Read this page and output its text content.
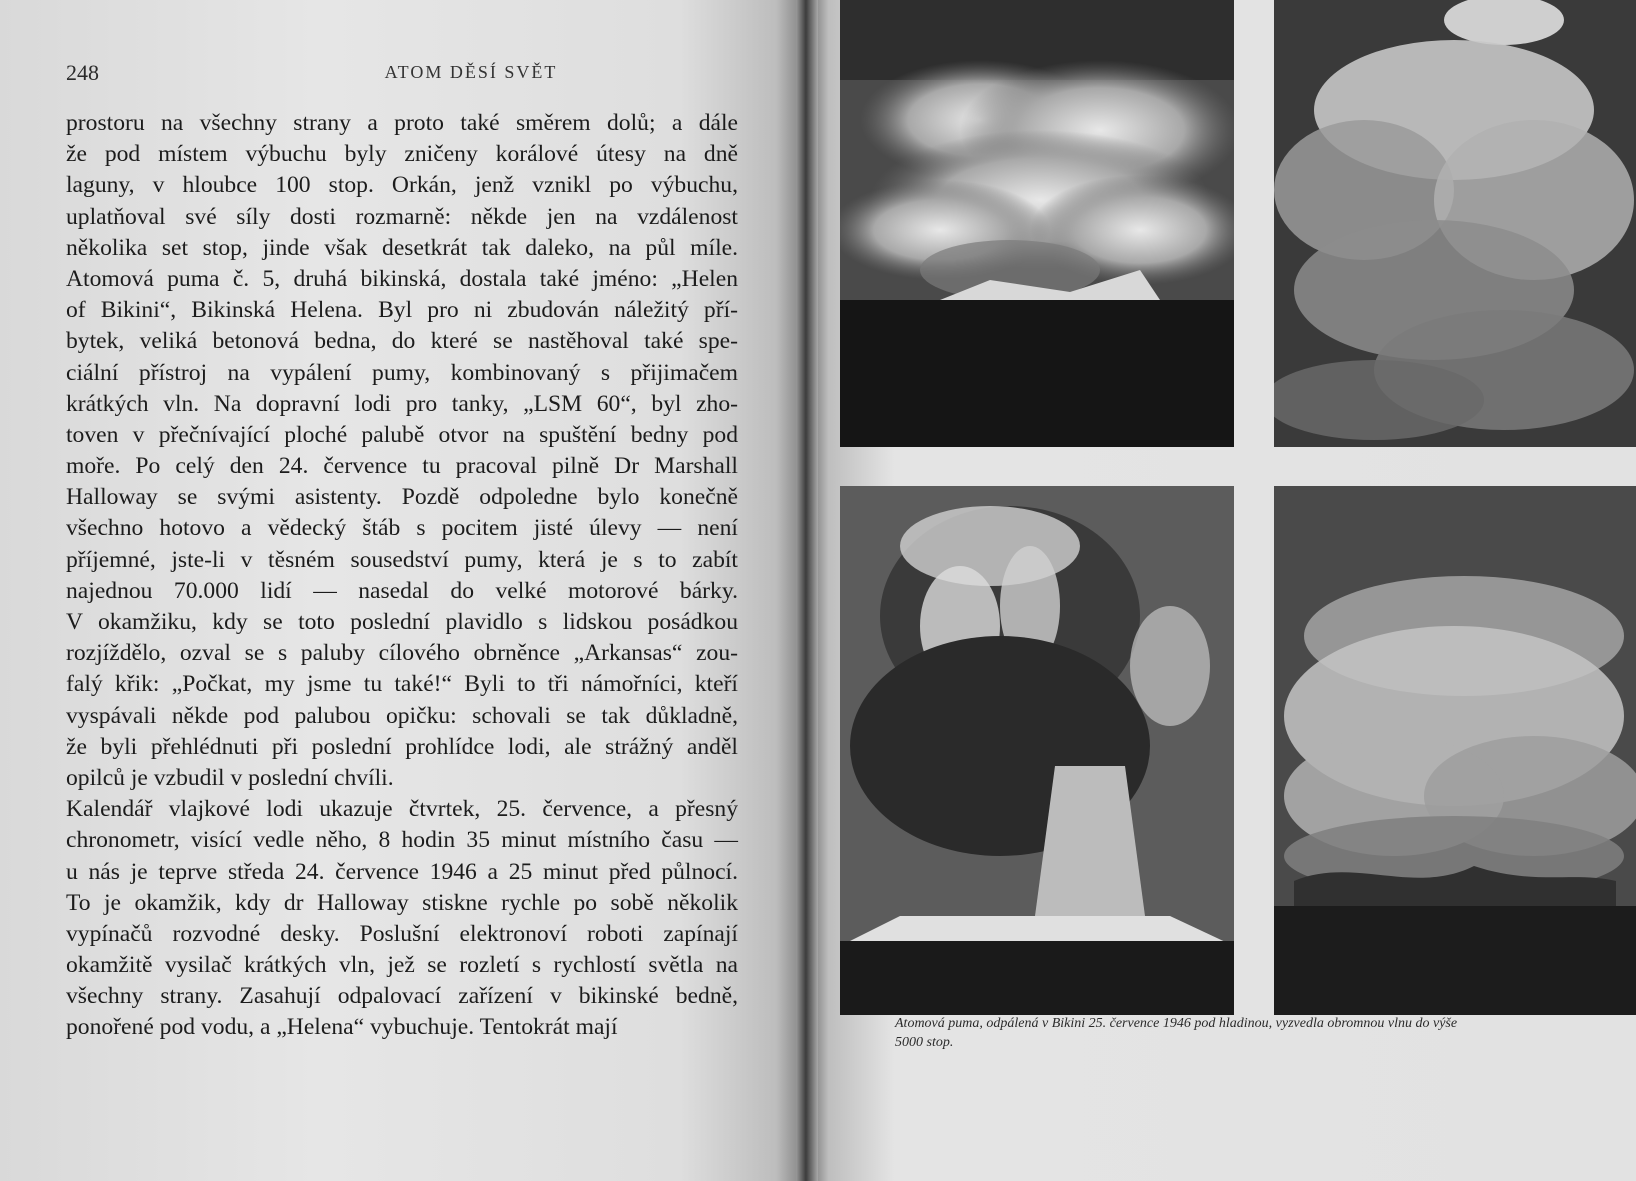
248	ATOM DĚSÍ SVĚT
prostoru na všechny strany a proto také směrem dolů; a dále
že pod místem výbuchu byly zničeny korálové útesy na dně
laguny, v hloubce 100 stop. Orkán, jenž vznikl po výbuchu,
uplatňoval své síly dosti rozmarně: někde jen na vzdálenost
několika set stop, jinde však desetkrát tak daleko, na půl míle.
Atomová puma č. 5, druhá bikinská, dostala také jméno: „Helen
of Bikini“, Bikinská Helena. Byl pro ni zbudován náležitý pří-
bytek, veliká betonová bedna, do které se nastěhoval také spe-
ciální přístroj na vypálení pumy, kombinovaný s přijimačem
krátkých vln. Na dopravní lodi pro tanky, „LSM 60“, byl zho-
toven v přečnívající ploché palubě otvor na spuštění bedny pod
moře. Po celý den 24. července tu pracoval pilně Dr Marshall
Halloway se svými asistenty. Pozdě odpoledne bylo konečně
všechno hotovo a vědecký štáb s pocitem jisté úlevy — není
příjemné, jste-li v těsném sousedství pumy, která je s to zabít
najednou 70.000 lidí — nasedal do velké motorové bárky.
V okamžiku, kdy se toto poslední plavidlo s lidskou posádkou
rozjíždělo, ozval se s paluby cílového obrněnce „Arkansas“ zou-
falý křik: „Počkat, my jsme tu také!“ Byli to tři námořníci, kteří
vyspávali někde pod palubou opičku: schovali se tak důkladně,
že byli přehlédnuti při poslední prohlídce lodi, ale strážný anděl
opilců je vzbudil v poslední chvíli.
Kalendář vlajkové lodi ukazuje čtvrtek, 25. července, a přesný
chronometr, visící vedle něho, 8 hodin 35 minut místního času —
u nás je teprve středa 24. července 1946 a 25 minut před půlnocí.
To je okamžik, kdy dr Halloway stiskne rychle po sobě několik
vypínačů rozvodné desky. Poslušní elektronoví roboti zapínají
okamžitě vysilač krátkých vln, jež se rozletí s rychlostí světla na
všechny strany. Zasahují odpalovací zařízení v bikinské bedně,
ponořené pod vodu, a „Helena“ vybuchuje. Tentokrát mají	Atomová puma, odpálená v Bikini 25. července 1946 pod hladinou, vyzvedla obromnou vlnu do výše
5000 stop.
